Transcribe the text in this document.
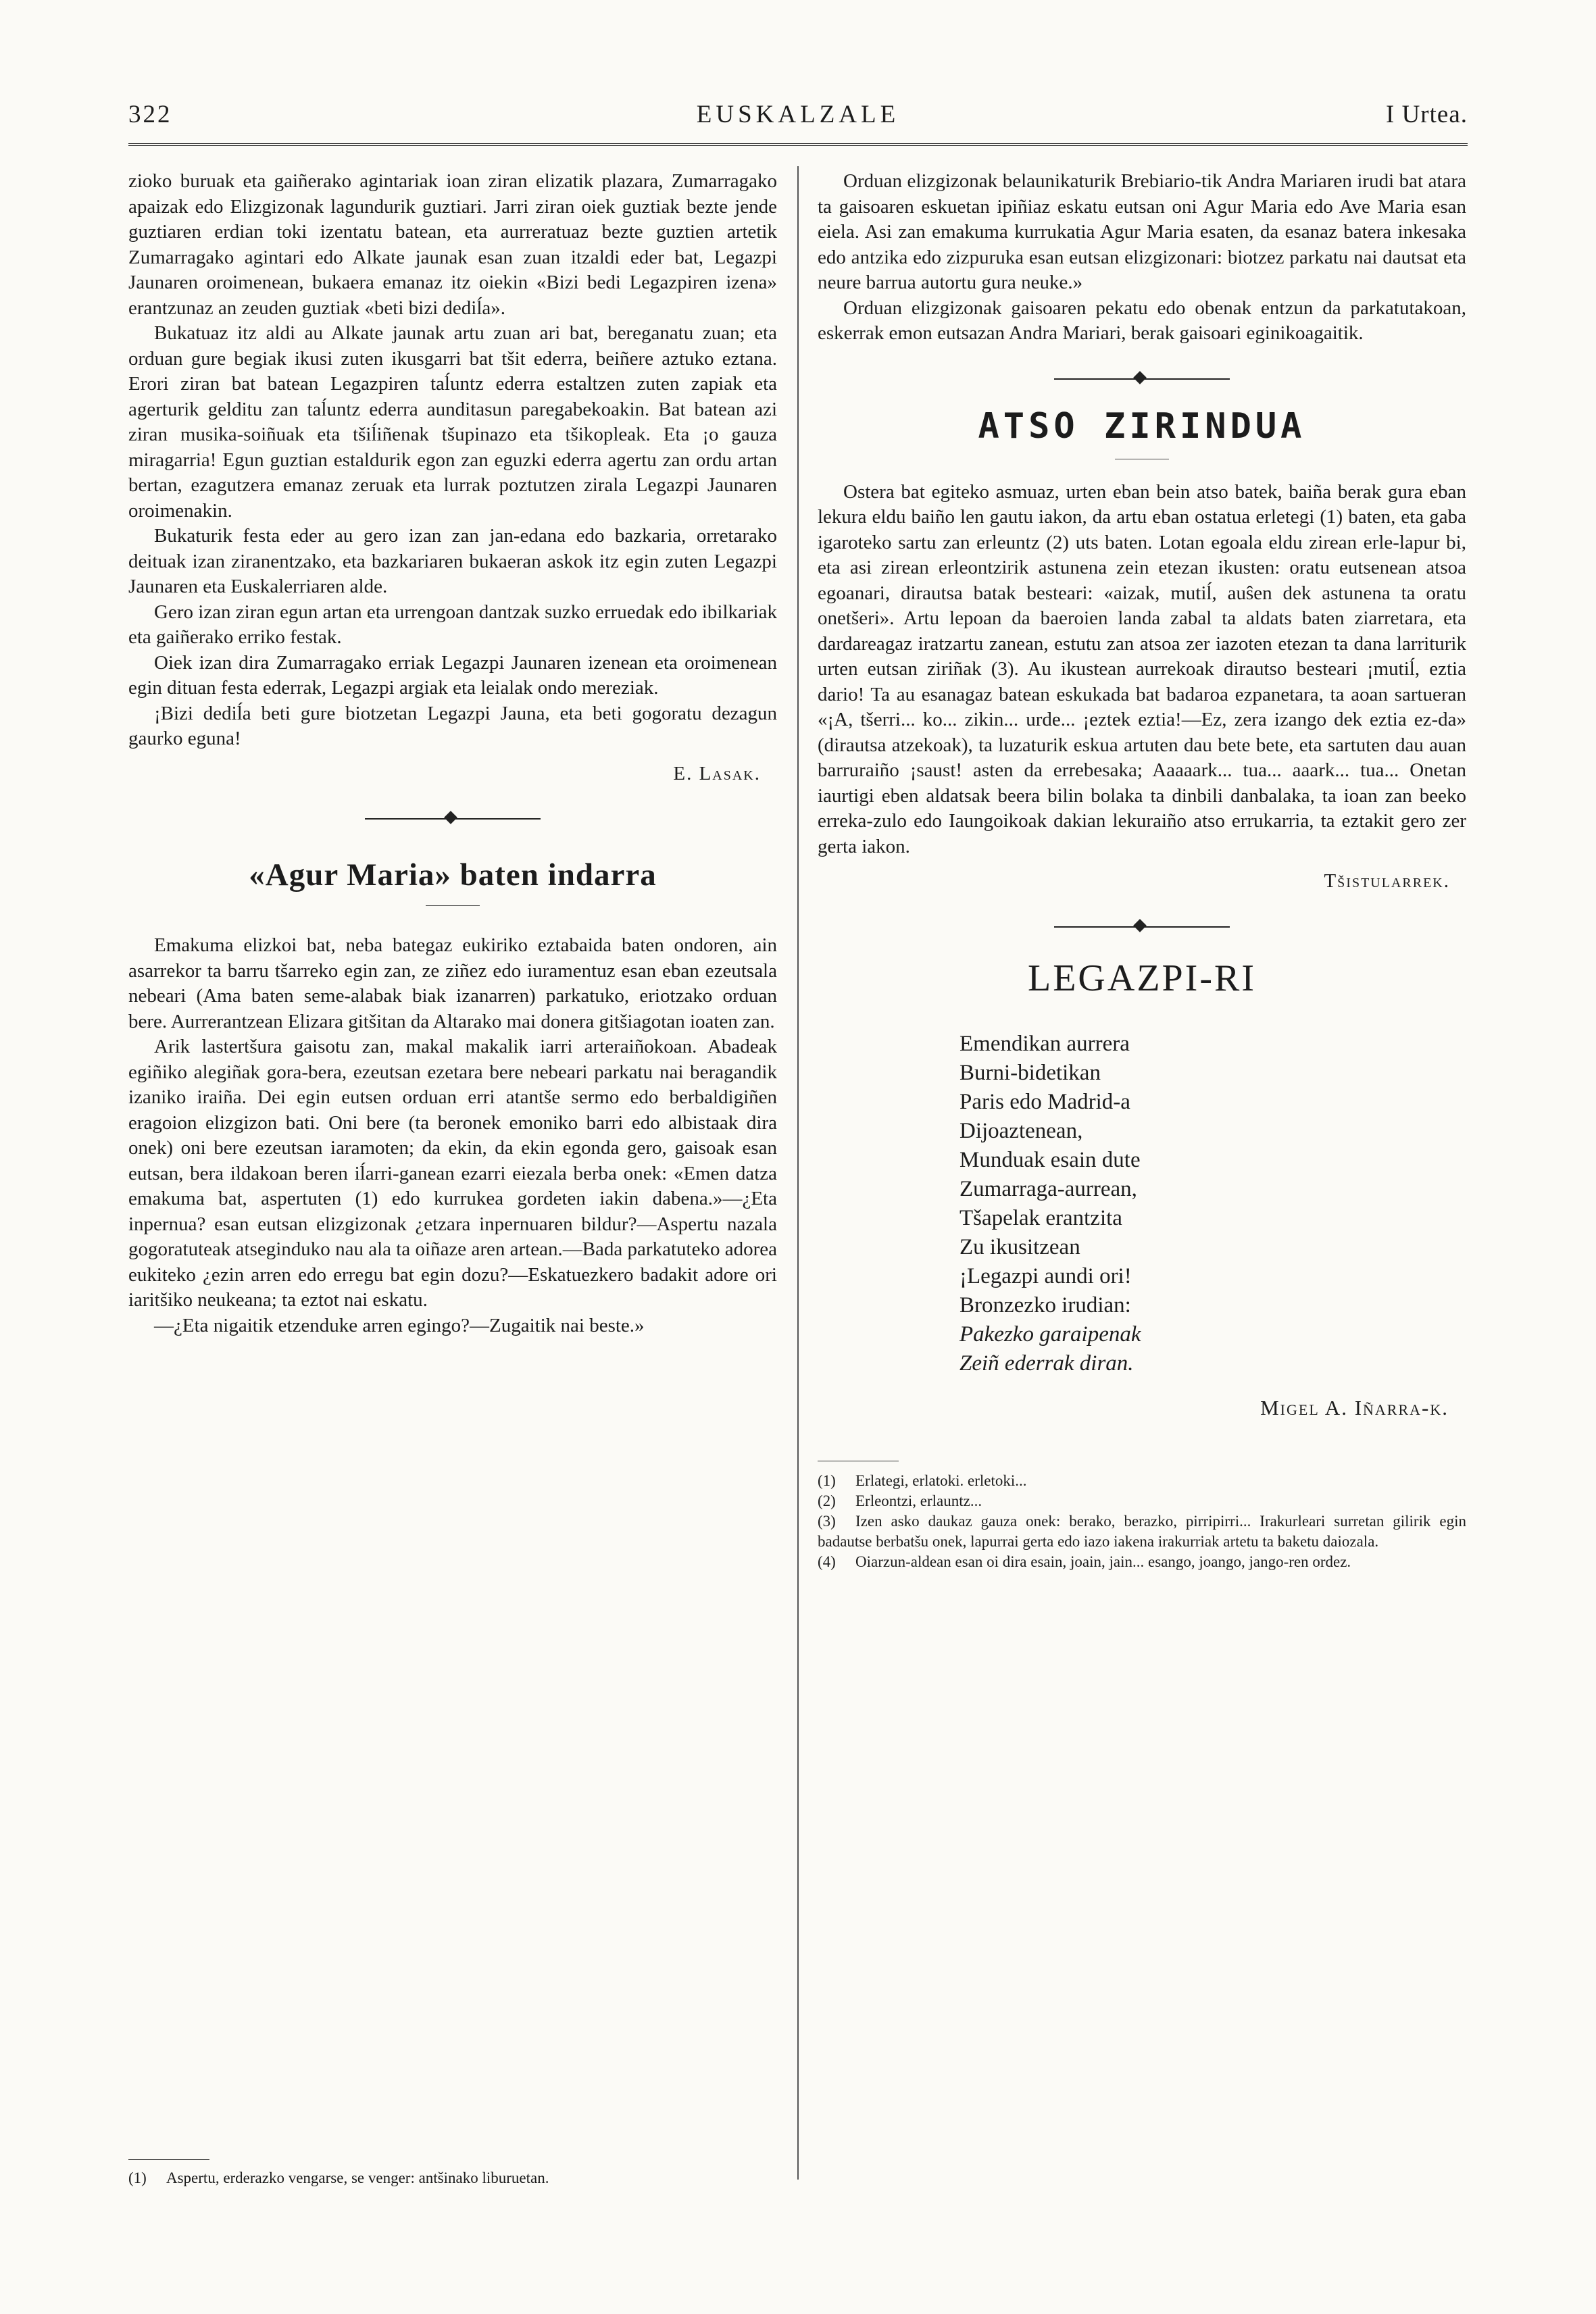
322	EUSKALZALE	I Urtea.

zioko buruak eta gaiñerako agintariak ioan ziran elizatik plazara, Zumarragako apaizak edo Elizgizonak lagundurik guztiari. Jarri ziran oiek guztiak bezte jende guztiaren erdian toki izentatu batean, eta aurreratuaz bezte guztien artetik Zumarragako agintari edo Alkate jaunak esan zuan itzaldi eder bat, Legazpi Jaunaren oroimenean, bukaera emanaz itz oiekin «Bizi bedi Legazpiren izena» erantzunaz an zeuden guztiak «beti bizi dediĺa».

Bukatuaz itz aldi au Alkate jaunak artu zuan ari bat, bereganatu zuan; eta orduan gure begiak ikusi zuten ikusgarri bat tšit ederra, beiñere aztuko eztana. Erori ziran bat batean Legazpiren taĺuntz ederra estaltzen zuten zapiak eta agerturik gelditu zan taĺuntz ederra aunditasun paregabekoakin. Bat batean azi ziran musika-soiñuak eta tšiĺiñenak tšupinazo eta tšikopleak. Eta ¡o gauza miragarria! Egun guztian estaldurik egon zan eguzki ederra agertu zan ordu artan bertan, ezagutzera emanaz zeruak eta lurrak poztutzen zirala Legazpi Jaunaren oroimenakin.

Bukaturik festa eder au gero izan zan jan-edana edo bazkaria, orretarako deituak izan ziranentzako, eta bazkariaren bukaeran askok itz egin zuten Legazpi Jaunaren eta Euskalerriaren alde.

Gero izan ziran egun artan eta urrengoan dantzak suzko erruedak edo ibilkariak eta gaiñerako erriko festak.

Oiek izan dira Zumarragako erriak Legazpi Jaunaren izenean eta oroimenean egin dituan festa ederrak, Legazpi argiak eta leialak ondo mereziak.

¡Bizi dediĺa beti gure biotzetan Legazpi Jauna, eta beti gogoratu dezagun gaurko eguna!

E. Lasak.
«Agur Maria» baten indarra

Emakuma elizkoi bat, neba bategaz eukiriko eztabaida baten ondoren, ain asarrekor ta barru tšarreko egin zan, ze ziñez edo iuramentuz esan eban ezeutsala nebeari (Ama baten seme-alabak biak izanarren) parkatuko, eriotzako orduan bere. Aurrerantzean Elizara gitšitan da Altarako mai donera gitšiagotan ioaten zan.

Arik lastertšura gaisotu zan, makal makalik iarri arteraiñokoan. Abadeak egiñiko alegiñak gora-bera, ezeutsan ezetara bere nebeari parkatu nai beragandik izaniko iraiña. Dei egin eutsen orduan erri atantše sermo edo berbaldigiñen eragoion elizgizon bati. Oni bere (ta beronek emoniko barri edo albistaak dira onek) oni bere ezeutsan iaramoten; da ekin, da ekin egonda gero, gaisoak esan eutsan, bera ildakoan beren iĺarri-ganean ezarri eiezala berba onek: «Emen datza emakuma bat, aspertuten (1) edo kurrukea gordeten iakin dabena.»—¿Eta inpernua? esan eutsan elizgizonak ¿etzara inpernuaren bildur?—Aspertu nazala gogoratuteak atseginduko nau ala ta oiñaze aren artean.—Bada parkatuteko adorea eukiteko ¿ezin arren edo erregu bat egin dozu?—Eskatuezkero badakit adore ori iaritšiko neukeana; ta eztot nai eskatu.

—¿Eta nigaitik etzenduke arren egingo?—Zugaitik nai beste.»

(1) Aspertu, erderazko vengarse, se venger: antšinako liburuetan.

Orduan elizgizonak belaunikaturik Brebiario-tik Andra Mariaren irudi bat atara ta gaisoaren eskuetan ipiñiaz eskatu eutsan oni Agur Maria edo Ave Maria esan eiela. Asi zan emakuma kurrukatia Agur Maria esaten, da esanaz batera inkesaka edo antzika edo zizpuruka esan eutsan elizgizonari: biotzez parkatu nai dautsat eta neure barrua autortu gura neuke.»

Orduan elizgizonak gaisoaren pekatu edo obenak entzun da parkatutakoan, eskerrak emon eutsazan Andra Mariari, berak gaisoari eginikoagaitik.

ATSO ZIRINDUA

Ostera bat egiteko asmuaz, urten eban bein atso batek, baiña berak gura eban lekura eldu baiño len gautu iakon, da artu eban ostatua erletegi (1) baten, eta gaba igaroteko sartu zan erleuntz (2) uts baten. Lotan egoala eldu zirean erle-lapur bi, eta asi zirean erleontzirik astunena zein etezan ikusten: oratu eutsenean atsoa egoanari, dirautsa batak besteari: «aizak, mutiĺ, auŝen dek astunena ta oratu onetšeri». Artu lepoan da baeroien landa zabal ta aldats baten ziarretara, eta dardareagaz iratzartu zanean, estutu zan atsoa zer iazoten etezan ta dana larriturik urten eutsan ziriñak (3). Au ikustean aurrekoak dirautso besteari ¡mutiĺ, eztia dario! Ta au esanagaz batean eskukada bat badaroa ezpanetara, ta aoan sartueran «¡A, tšerri... ko... zikin... urde... ¡eztek eztia!—Ez, zera izango dek eztia ez-da» (dirautsa atzekoak), ta luzaturik eskua artuten dau bete bete, eta sartuten dau auan barruraiño ¡saust! asten da errebesaka; Aaaaark... tua... aaark... tua... Onetan iaurtigi eben aldatsak beera bilin bolaka ta dinbili danbalaka, ta ioan zan beeko erreka-zulo edo Iaungoikoak dakian lekuraiño atso errukarria, ta eztakit gero zer gerta iakon.

Tšistularrek.
LEGAZPI-RI
Emendikan aurrera
Burni-bidetikan
Paris edo Madrid-a
Dijoaztenean,
Munduak esain dute
Zumarraga-aurrean,
Tšapelak erantzita
Zu ikusitzean
¡Legazpi aundi ori!
Bronzezko irudian:
Pakezko garaipenak
Zeiñ ederrak diran.
Migel A. Iñarra-k.
(1) Erlategi, erlatoki. erletoki...
(2) Erleontzi, erlauntz...
(3) Izen asko daukaz gauza onek: berako, berazko, pirripirri... Irakurleari surretan gilirik egin badautse berbatšu onek, lapurrai gerta edo iazo iakena irakurriak artetu ta baketu daiozala.
(4) Oiarzun-aldean esan oi dira esain, joain, jain... esango, joango, jango-ren ordez.
